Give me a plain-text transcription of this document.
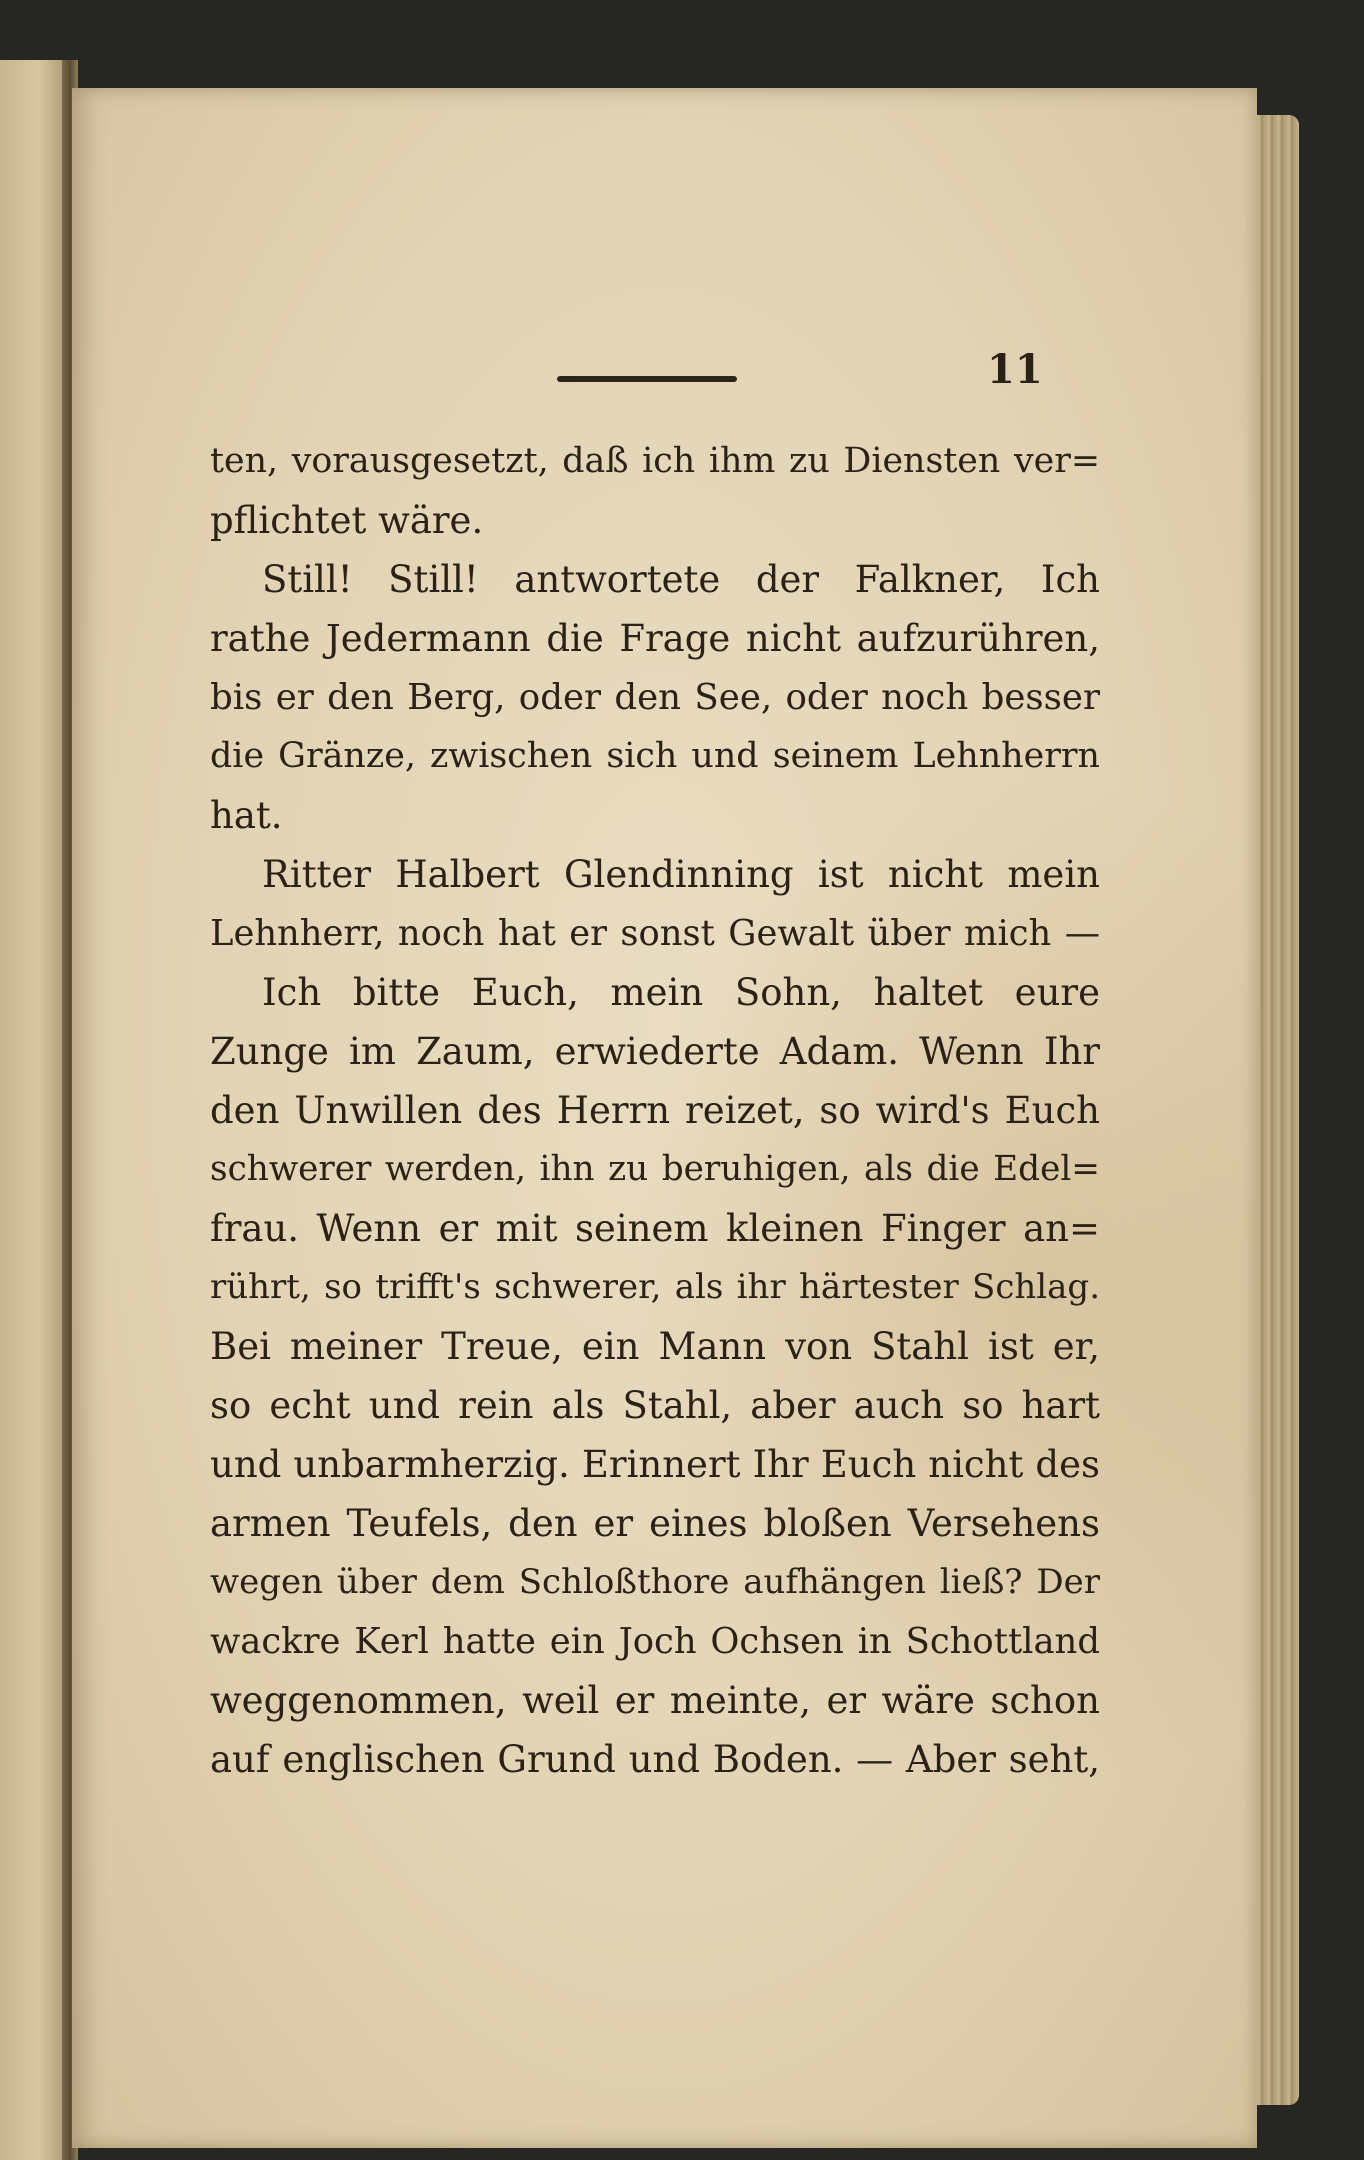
11
ten, vorausgesetzt, daß ich ihm zu Diensten ver=
pflichtet wäre.
Still! Still! antwortete der Falkner, Ich
rathe Jedermann die Frage nicht aufzurühren,
bis er den Berg, oder den See, oder noch besser
die Gränze, zwischen sich und seinem Lehnherrn
hat.
Ritter Halbert Glendinning ist nicht mein
Lehnherr, noch hat er sonst Gewalt über mich —
Ich bitte Euch, mein Sohn, haltet eure
Zunge im Zaum, erwiederte Adam. Wenn Ihr
den Unwillen des Herrn reizet, so wird's Euch
schwerer werden, ihn zu beruhigen, als die Edel=
frau. Wenn er mit seinem kleinen Finger an=
rührt, so trifft's schwerer, als ihr härtester Schlag.
Bei meiner Treue, ein Mann von Stahl ist er,
so echt und rein als Stahl, aber auch so hart
und unbarmherzig. Erinnert Ihr Euch nicht des
armen Teufels, den er eines bloßen Versehens
wegen über dem Schloßthore aufhängen ließ? Der
wackre Kerl hatte ein Joch Ochsen in Schottland
weggenommen, weil er meinte, er wäre schon
auf englischen Grund und Boden. — Aber seht,
